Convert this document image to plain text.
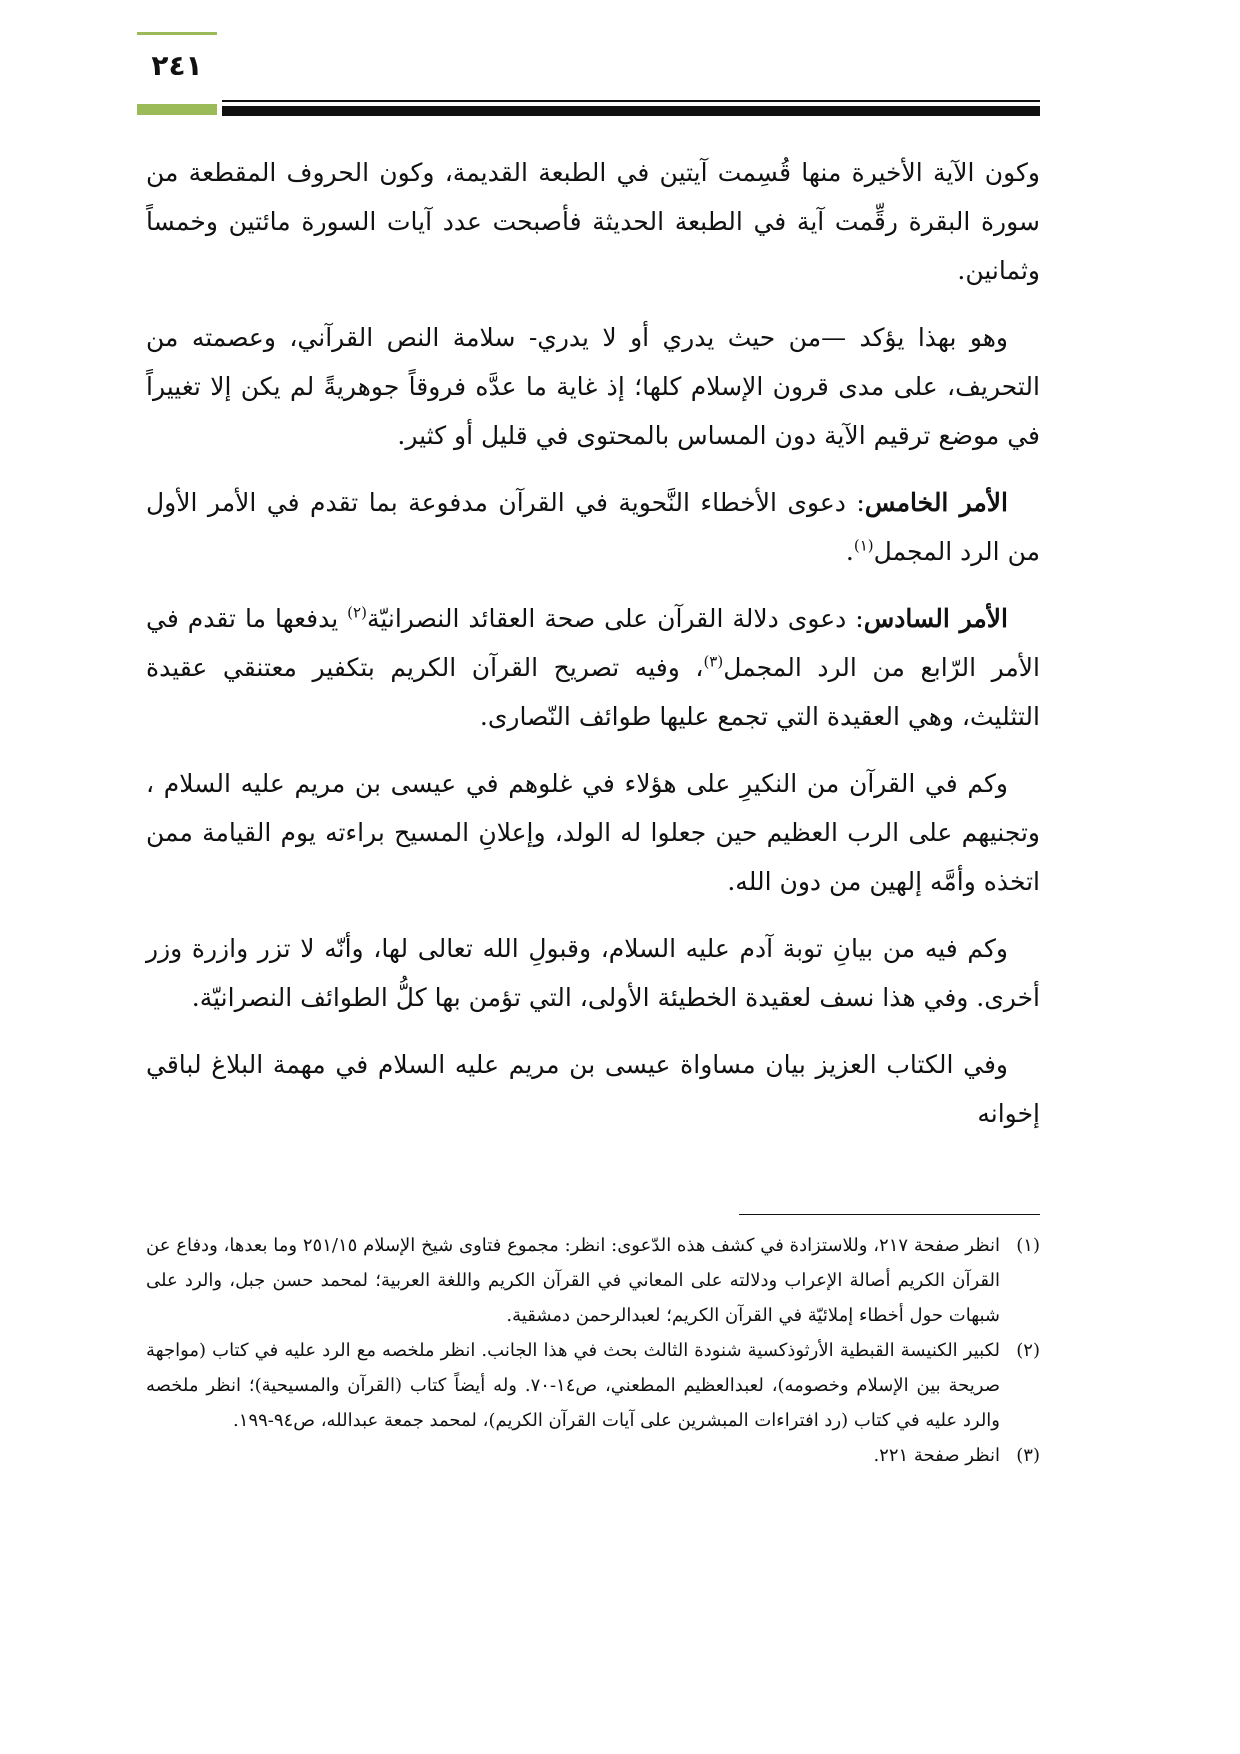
٢٤١

وكون الآية الأخيرة منها قُسِمت آيتين في الطبعة القديمة، وكون الحروف المقطعة من سورة البقرة رقِّمت آية في الطبعة الحديثة فأصبحت عدد آيات السورة مائتين وخمساً وثمانين.

وهو بهذا يؤكد —من حيث يدري أو لا يدري- سلامة النص القرآني، وعصمته من التحريف، على مدى قرون الإسلام كلها؛ إذ غاية ما عدَّه فروقاً جوهريةً لم يكن إلا تغييراً في موضع ترقيم الآية دون المساس بالمحتوى في قليل أو كثير.

الأمر الخامس: دعوى الأخطاء النَّحوية في القرآن مدفوعة بما تقدم في الأمر الأول من الرد المجمل$^{(١)}$.

الأمر السادس: دعوى دلالة القرآن على صحة العقائد النصرانيّة$^{(٢)}$ يدفعها ما تقدم في الأمر الرّابع من الرد المجمل$^{(٣)}$، وفيه تصريح القرآن الكريم بتكفير معتنقي عقيدة التثليث، وهي العقيدة التي تجمع عليها طوائف النّصارى.

وكم في القرآن من النكيرِ على هؤلاء في غلوهم في عيسى بن مريم عليه السلام ، وتجنيهم على الرب العظيم حين جعلوا له الولد، وإعلانِ المسيح براءته يوم القيامة ممن اتخذه وأمَّه إلهين من دون الله.

وكم فيه من بيانِ توبة آدم عليه السلام، وقبولِ الله تعالى لها، وأنّه لا تزر وازرة وزر أخرى. وفي هذا نسف لعقيدة الخطيئة الأولى، التي تؤمن بها كلُّ الطوائف النصرانيّة.

وفي الكتاب العزيز بيان مساواة عيسى بن مريم عليه السلام في مهمة البلاغ لباقي إخوانه

(١)
انظر صفحة ٢١٧، وللاستزادة في كشف هذه الدّعوى: انظر: مجموع فتاوى شيخ الإسلام ٢٥١/١٥ وما بعدها، ودفاع عن القرآن الكريم أصالة الإعراب ودلالته على المعاني في القرآن الكريم واللغة العربية؛ لمحمد حسن جبل، والرد على شبهات حول أخطاء إملائيّة في القرآن الكريم؛ لعبدالرحمن دمشقية.

(٢)
لكبير الكنيسة القبطية الأرثوذكسية شنودة الثالث بحث في هذا الجانب. انظر ملخصه مع الرد عليه في كتاب (مواجهة صريحة بين الإسلام وخصومه)، لعبدالعظيم المطعني، ص١٤-٧٠. وله أيضاً كتاب (القرآن والمسيحية)؛ انظر ملخصه والرد عليه في كتاب (رد افتراءات المبشرين على آيات القرآن الكريم)، لمحمد جمعة عبدالله، ص٩٤-١٩٩.

(٣)
انظر صفحة ٢٢١.
